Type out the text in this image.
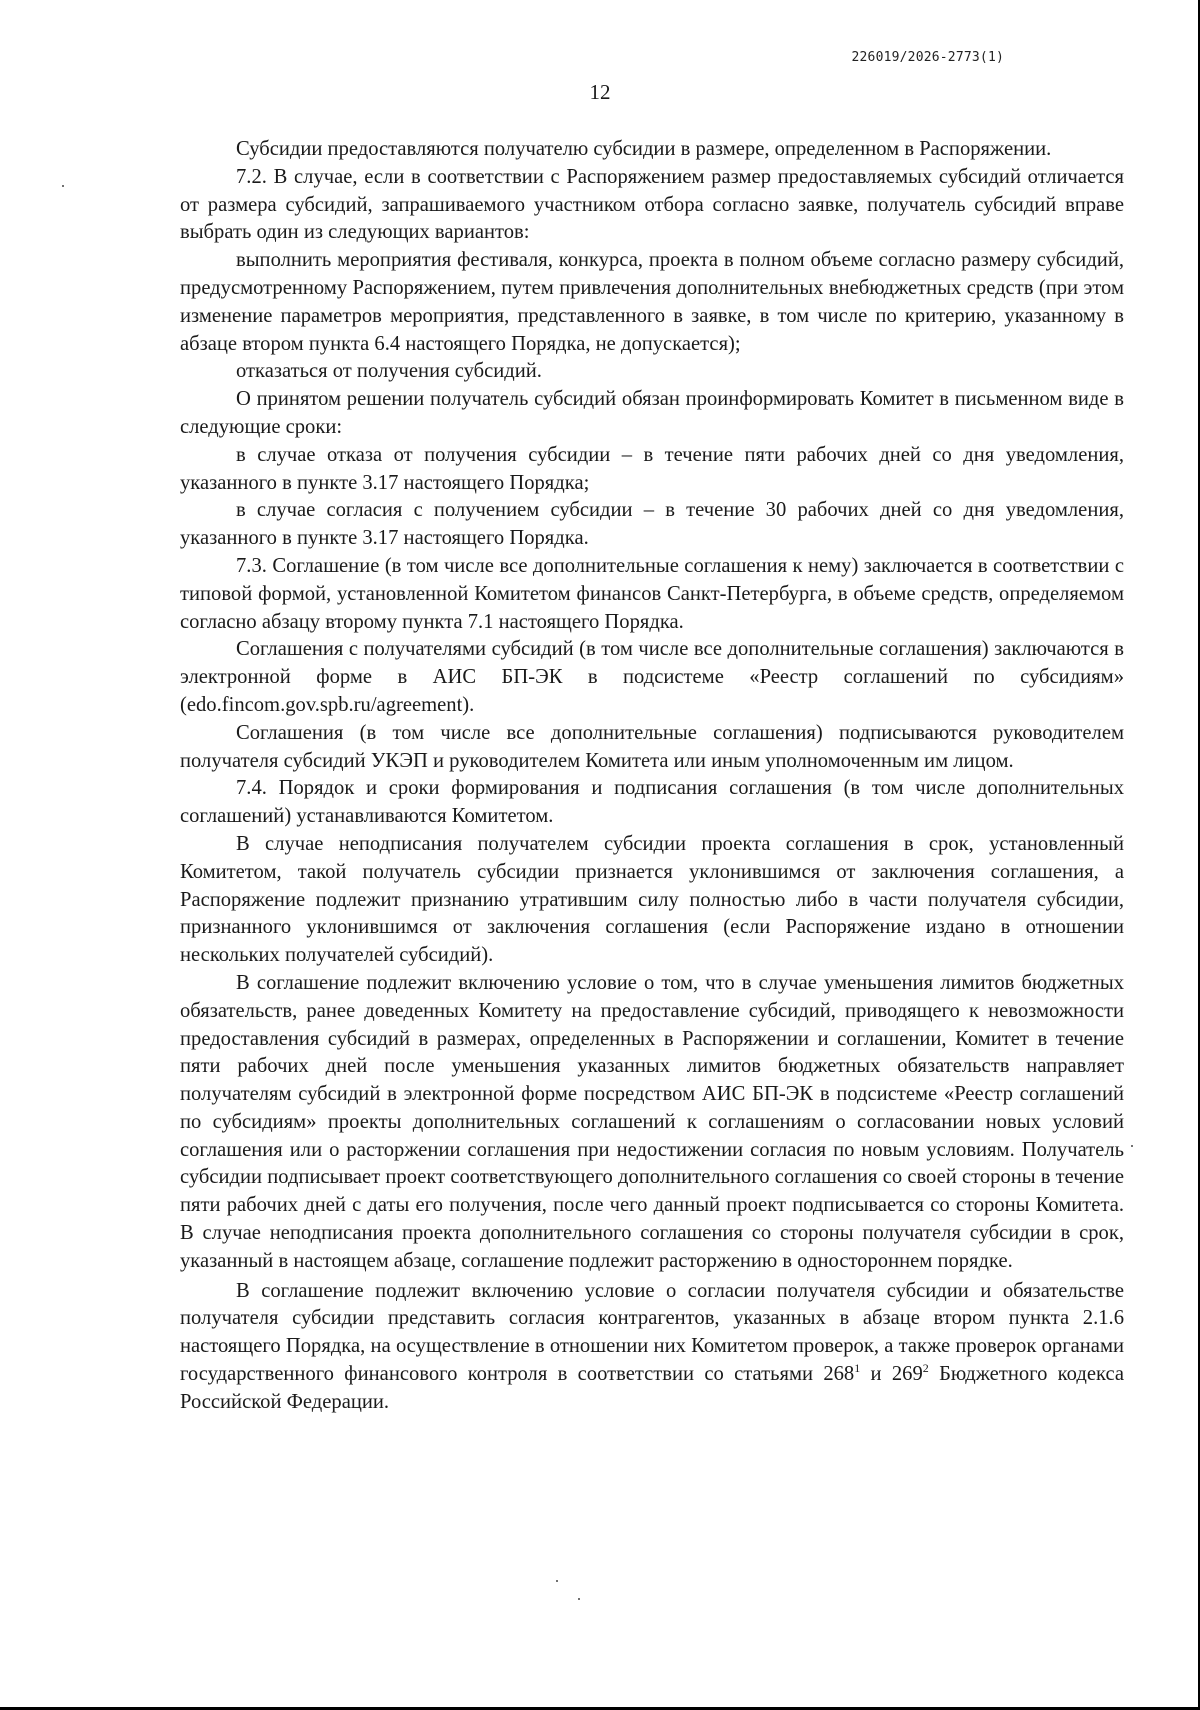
226019/2026-2773(1)
12

Субсидии предоставляются получателю субсидии в размере, определенном в Распоряжении.

7.2. В случае, если в соответствии с Распоряжением размер предоставляемых субсидий отличается от размера субсидий, запрашиваемого участником отбора согласно заявке, получатель субсидий вправе выбрать один из следующих вариантов:

выполнить мероприятия фестиваля, конкурса, проекта в полном объеме согласно размеру субсидий, предусмотренному Распоряжением, путем привлечения дополнительных внебюджетных средств (при этом изменение параметров мероприятия, представленного в заявке, в том числе по критерию, указанному в абзаце втором пункта 6.4 настоящего Порядка, не допускается);

отказаться от получения субсидий.

О принятом решении получатель субсидий обязан проинформировать Комитет в письменном виде в следующие сроки:

в случае отказа от получения субсидии – в течение пяти рабочих дней со дня уведомления, указанного в пункте 3.17 настоящего Порядка;

в случае согласия с получением субсидии – в течение 30 рабочих дней со дня уведомления, указанного в пункте 3.17 настоящего Порядка.

7.3. Соглашение (в том числе все дополнительные соглашения к нему) заключается в соответствии с типовой формой, установленной Комитетом финансов Санкт-Петербурга, в объеме средств, определяемом согласно абзацу второму пункта 7.1 настоящего Порядка.

Соглашения с получателями субсидий (в том числе все дополнительные соглашения) заключаются в электронной форме в АИС БП-ЭК в подсистеме «Реестр соглашений по субсидиям» (edo.fincom.gov.spb.ru/agreement).

Соглашения (в том числе все дополнительные соглашения) подписываются руководителем получателя субсидий УКЭП и руководителем Комитета или иным уполномоченным им лицом.

7.4. Порядок и сроки формирования и подписания соглашения (в том числе дополнительных соглашений) устанавливаются Комитетом.

В случае неподписания получателем субсидии проекта соглашения в срок, установленный Комитетом, такой получатель субсидии признается уклонившимся от заключения соглашения, а Распоряжение подлежит признанию утратившим силу полностью либо в части получателя субсидии, признанного уклонившимся от заключения соглашения (если Распоряжение издано в отношении нескольких получателей субсидий).

В соглашение подлежит включению условие о том, что в случае уменьшения лимитов бюджетных обязательств, ранее доведенных Комитету на предоставление субсидий, приводящего к невозможности предоставления субсидий в размерах, определенных в Распоряжении и соглашении, Комитет в течение пяти рабочих дней после уменьшения указанных лимитов бюджетных обязательств направляет получателям субсидий в электронной форме посредством АИС БП-ЭК в подсистеме «Реестр соглашений по субсидиям» проекты дополнительных соглашений к соглашениям о согласовании новых условий соглашения или о расторжении соглашения при недостижении согласия по новым условиям. Получатель субсидии подписывает проект соответствующего дополнительного соглашения со своей стороны в течение пяти рабочих дней с даты его получения, после чего данный проект подписывается со стороны Комитета. В случае неподписания проекта дополнительного соглашения со стороны получателя субсидии в срок, указанный в настоящем абзаце, соглашение подлежит расторжению в одностороннем порядке.

В соглашение подлежит включению условие о согласии получателя субсидии и обязательстве получателя субсидии представить согласия контрагентов, указанных в абзаце втором пункта 2.1.6 настоящего Порядка, на осуществление в отношении них Комитетом проверок, а также проверок органами государственного финансового контроля в соответствии со статьями $268^1$ и $269^2$ Бюджетного кодекса Российской Федерации.
